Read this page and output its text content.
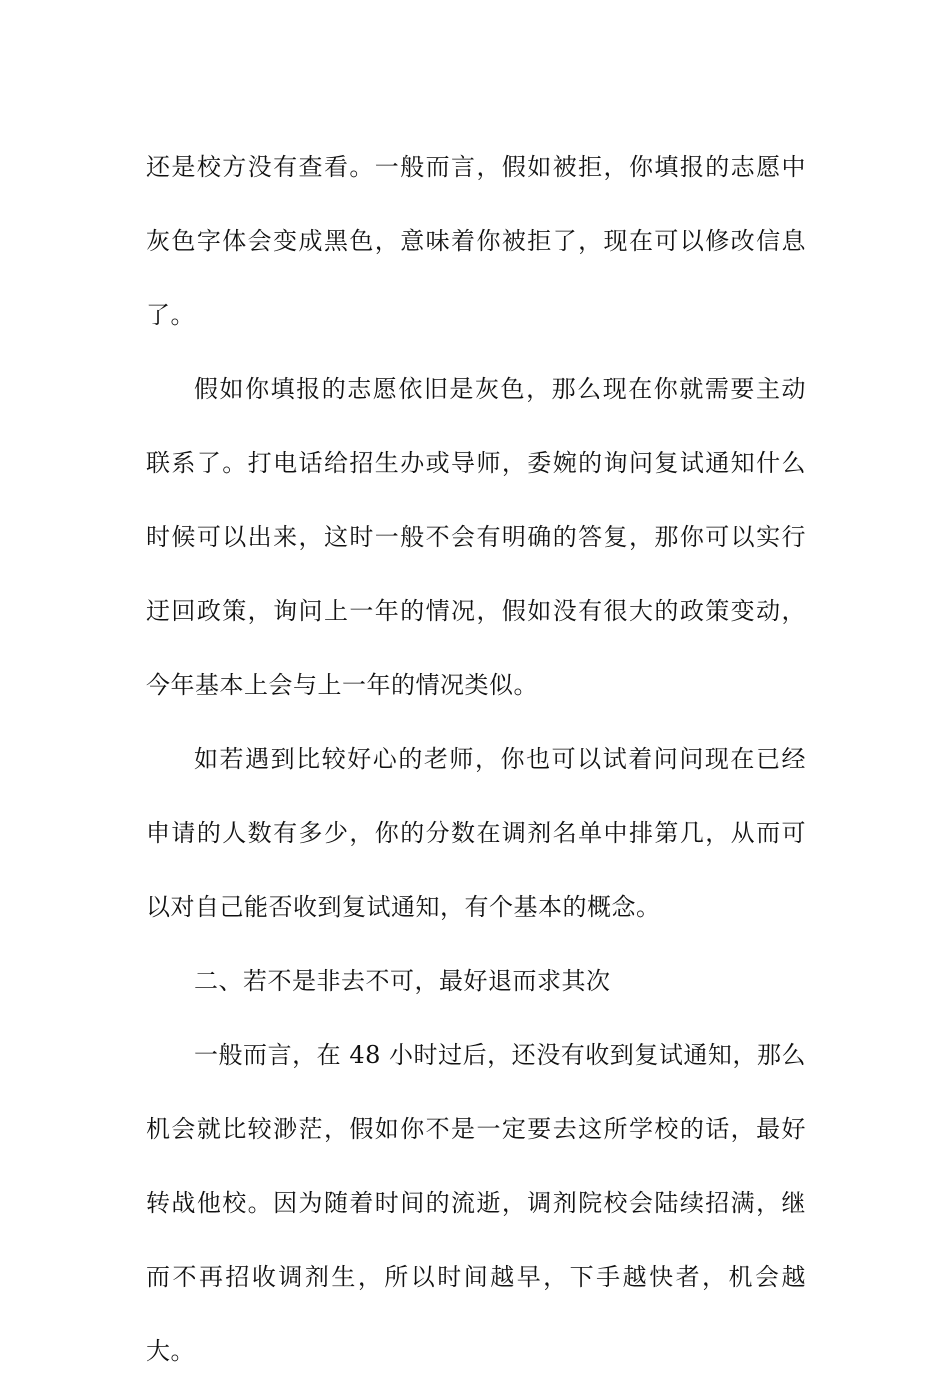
还是校方没有查看。一般而言，假如被拒，你填报的志愿中灰色字体会变成黑色，意味着你被拒了，现在可以修改信息了。

假如你填报的志愿依旧是灰色，那么现在你就需要主动联系了。打电话给招生办或导师，委婉的询问复试通知什么时候可以出来，这时一般不会有明确的答复，那你可以实行迂回政策，询问上一年的情况，假如没有很大的政策变动，今年基本上会与上一年的情况类似。

如若遇到比较好心的老师，你也可以试着问问现在已经申请的人数有多少，你的分数在调剂名单中排第几，从而可以对自己能否收到复试通知，有个基本的概念。

二、若不是非去不可，最好退而求其次

一般而言，在 48 小时过后，还没有收到复试通知，那么机会就比较渺茫，假如你不是一定要去这所学校的话，最好转战他校。因为随着时间的流逝，调剂院校会陆续招满，继而不再招收调剂生，所以时间越早，下手越快者，机会越大。
